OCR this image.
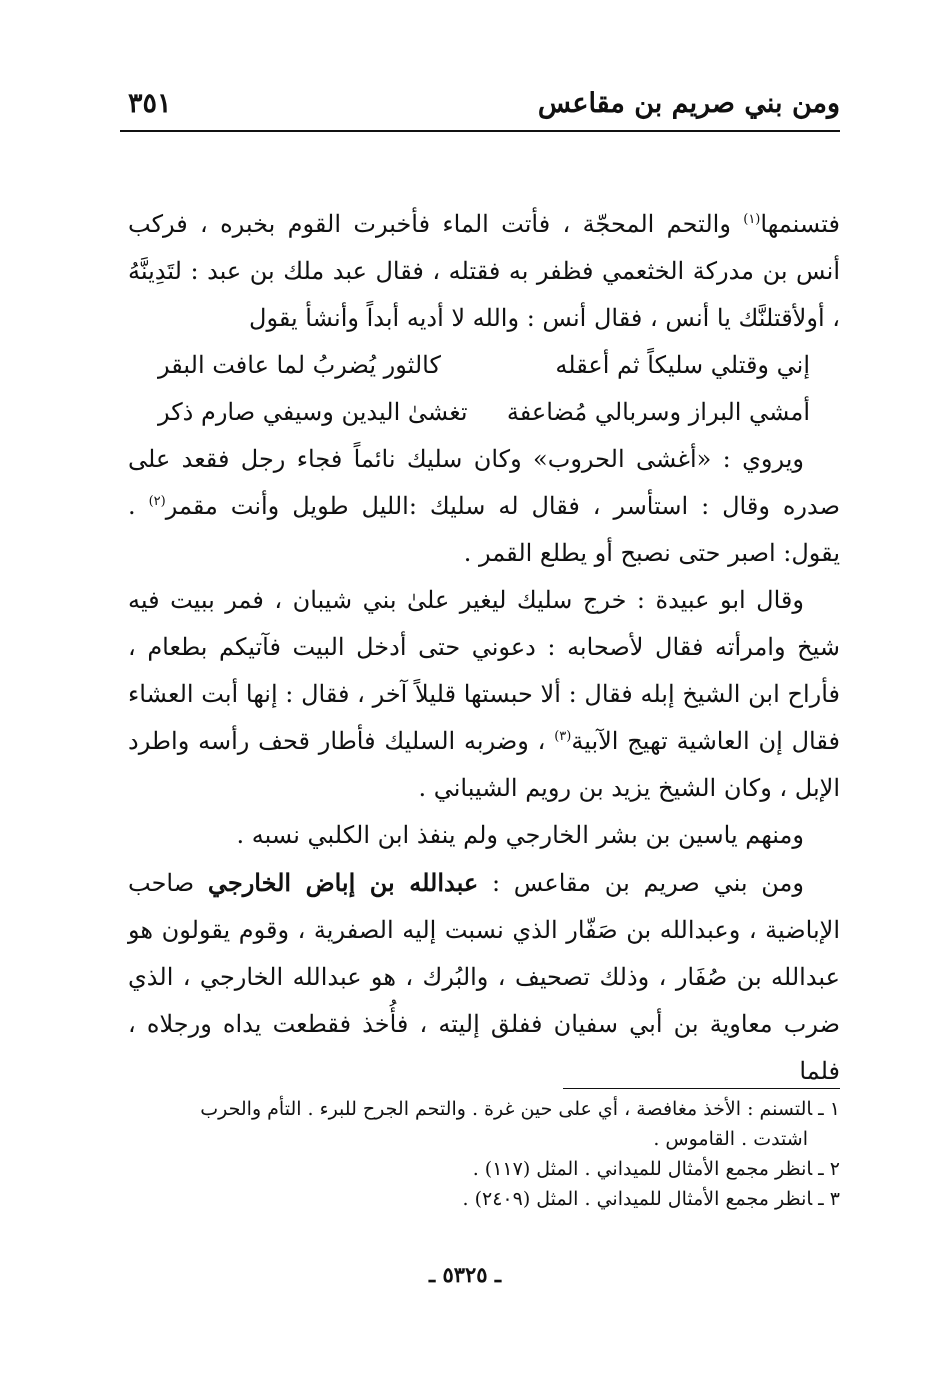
ومن بني صريم بن مقاعس
٣٥١

فتسنمها$^{(١)}$ والتحم المحجّة ، فأتت الماء فأخبرت القوم بخبره ، فركب أنس بن مدركة الخثعمي فظفر به فقتله ، فقال عبد ملك بن عبد : لتَدِينَّهُ ، أولأقتلنَّك يا أنس ، فقال أنس : والله لا أديه أبداً وأنشأ يقول

إني وقتلي سليكاً ثم أعقله
كالثور يُضربُ لما عافت البقر
أمشي البراز وسربالي مُضاعفة
تغشىٰ اليدين وسيفي صارم ذكر

ويروي : «أغشى الحروب» وكان سليك نائماً فجاء رجل فقعد على صدره وقال : استأسر ، فقال له سليك :الليل طويل وأنت مقمر$^{(٢)}$ . يقول: اصبر حتى نصبح أو يطلع القمر .

وقال ابو عبيدة : خرج سليك ليغير علىٰ بني شيبان ، فمر ببيت فيه شيخ وامرأته فقال لأصحابه : دعوني حتى أدخل البيت فآتيكم بطعام ، فأراح ابن الشيخ إبله فقال : ألا حبستها قليلاً آخر ، فقال : إنها أبت العشاء فقال إن العاشية تهيج الآبية$^{(٣)}$ ، وضربه السليك فأطار قحف رأسه واطرد الإبل ، وكان الشيخ يزيد بن رويم الشيباني .

ومنهم ياسين بن بشر الخارجي ولم ينفذ ابن الكلبي نسبه .

ومن بني صريم بن مقاعس : عبدالله بن إباض الخارجي صاحب الإباضية ، وعبدالله بن صَفّار الذي نسبت إليه الصفرية ، وقوم يقولون هو عبدالله بن صُفَار ، وذلك تصحيف ، والبُرك ، هو عبدالله الخارجي ، الذي ضرب معاوية بن أبي سفيان ففلق إليته ، فأُخذ فقطعت يداه ورجلاه ، فلما

١ ـالتسنم : الأخذ مغافصة ، أي على حين غرة . والتحم الجرح للبرء . التأم والحرب
اشتدت . القاموس .
٢ ـانظر مجمع الأمثال للميداني . المثل (١١٧) .
٣ ـانظر مجمع الأمثال للميداني . المثل (٢٤٠٩) .
ـ ٥٣٢٥ ـ
